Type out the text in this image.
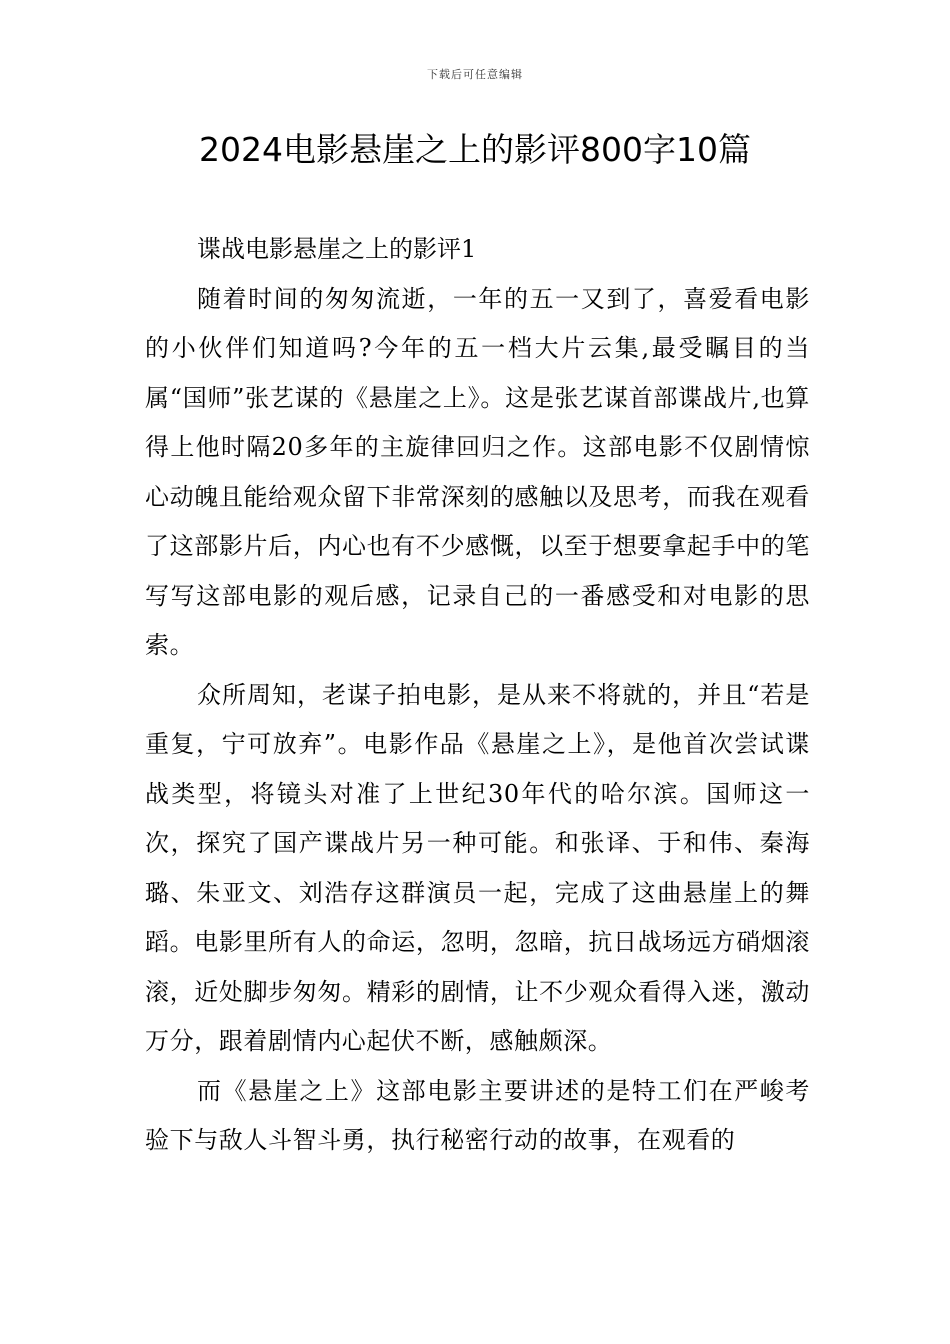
下载后可任意编辑
2024电影悬崖之上的影评800字10篇

谍战电影悬崖之上的影评1

随着时间的匆匆流逝，一年的五一又到了，喜爱看电影的小伙伴们知道吗?今年的五一档大片云集,最受瞩目的当属“国师”张艺谋的《悬崖之上》。这是张艺谋首部谍战片,也算得上他时隔20多年的主旋律回归之作。这部电影不仅剧情惊心动魄且能给观众留下非常深刻的感触以及思考，而我在观看了这部影片后，内心也有不少感慨，以至于想要拿起手中的笔写写这部电影的观后感，记录自己的一番感受和对电影的思索。

众所周知，老谋子拍电影，是从来不将就的，并且“若是重复，宁可放弃”。电影作品《悬崖之上》，是他首次尝试谍战类型，将镜头对准了上世纪30年代的哈尔滨。国师这一次，探究了国产谍战片另一种可能。和张译、于和伟、秦海璐、朱亚文、刘浩存这群演员一起，完成了这曲悬崖上的舞蹈。电影里所有人的命运，忽明，忽暗，抗日战场远方硝烟滚滚，近处脚步匆匆。精彩的剧情，让不少观众看得入迷，激动万分，跟着剧情内心起伏不断，感触颇深。

而《悬崖之上》这部电影主要讲述的是特工们在严峻考验下与敌人斗智斗勇，执行秘密行动的故事，在观看的
